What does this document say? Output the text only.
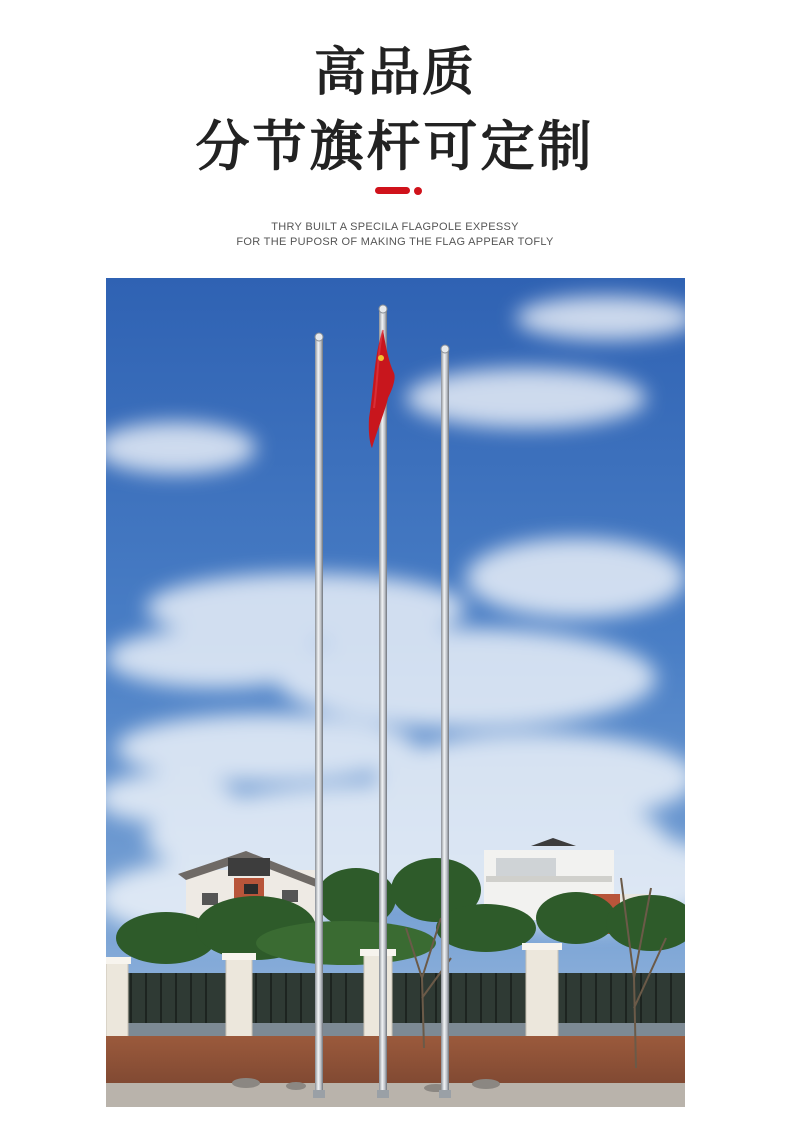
高品质
分节旗杆可定制
THRY BUILT A SPECILA FLAGPOLE EXPESSY
FOR THE PUPOSR OF MAKING THE FLAG APPEAR TOFLY
